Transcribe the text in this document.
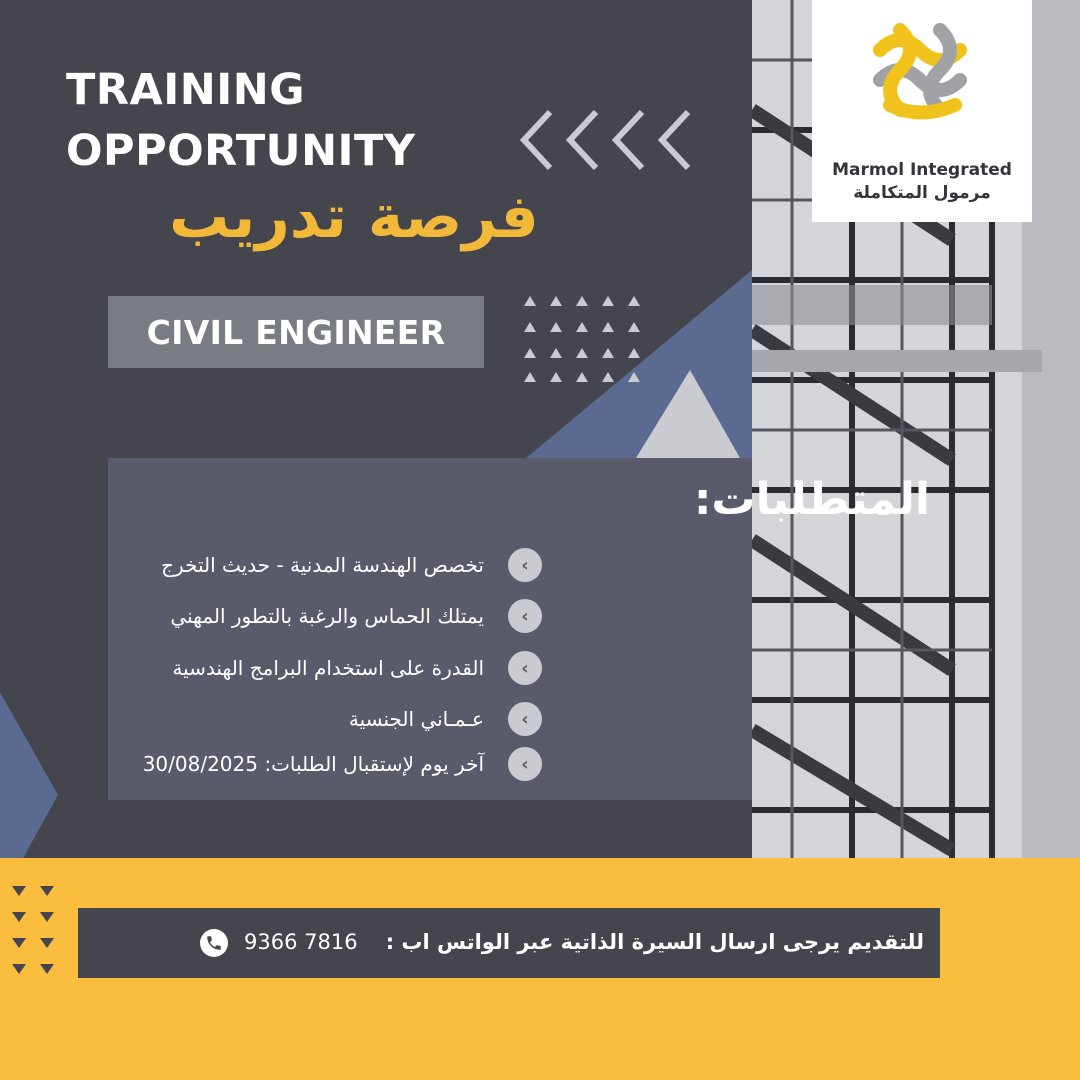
Marmol Integrated
مرمول المتكاملة
TRAINING
OPPORTUNITY
فرصة تدريب
CIVIL ENGINEER
المتطلبات:
‹
تخصص الهندسة المدنية - حديث التخرج
‹
يمتلك الحماس والرغبة بالتطور المهني
‹
القدرة على استخدام البرامج الهندسية
‹
عـمـاني الجنسية
‹
آخر يوم لإستقبال الطلبات: 30/08/2025
للتقديم يرجى ارسال السيرة الذاتية عبر الواتس اب :
9366 7816
